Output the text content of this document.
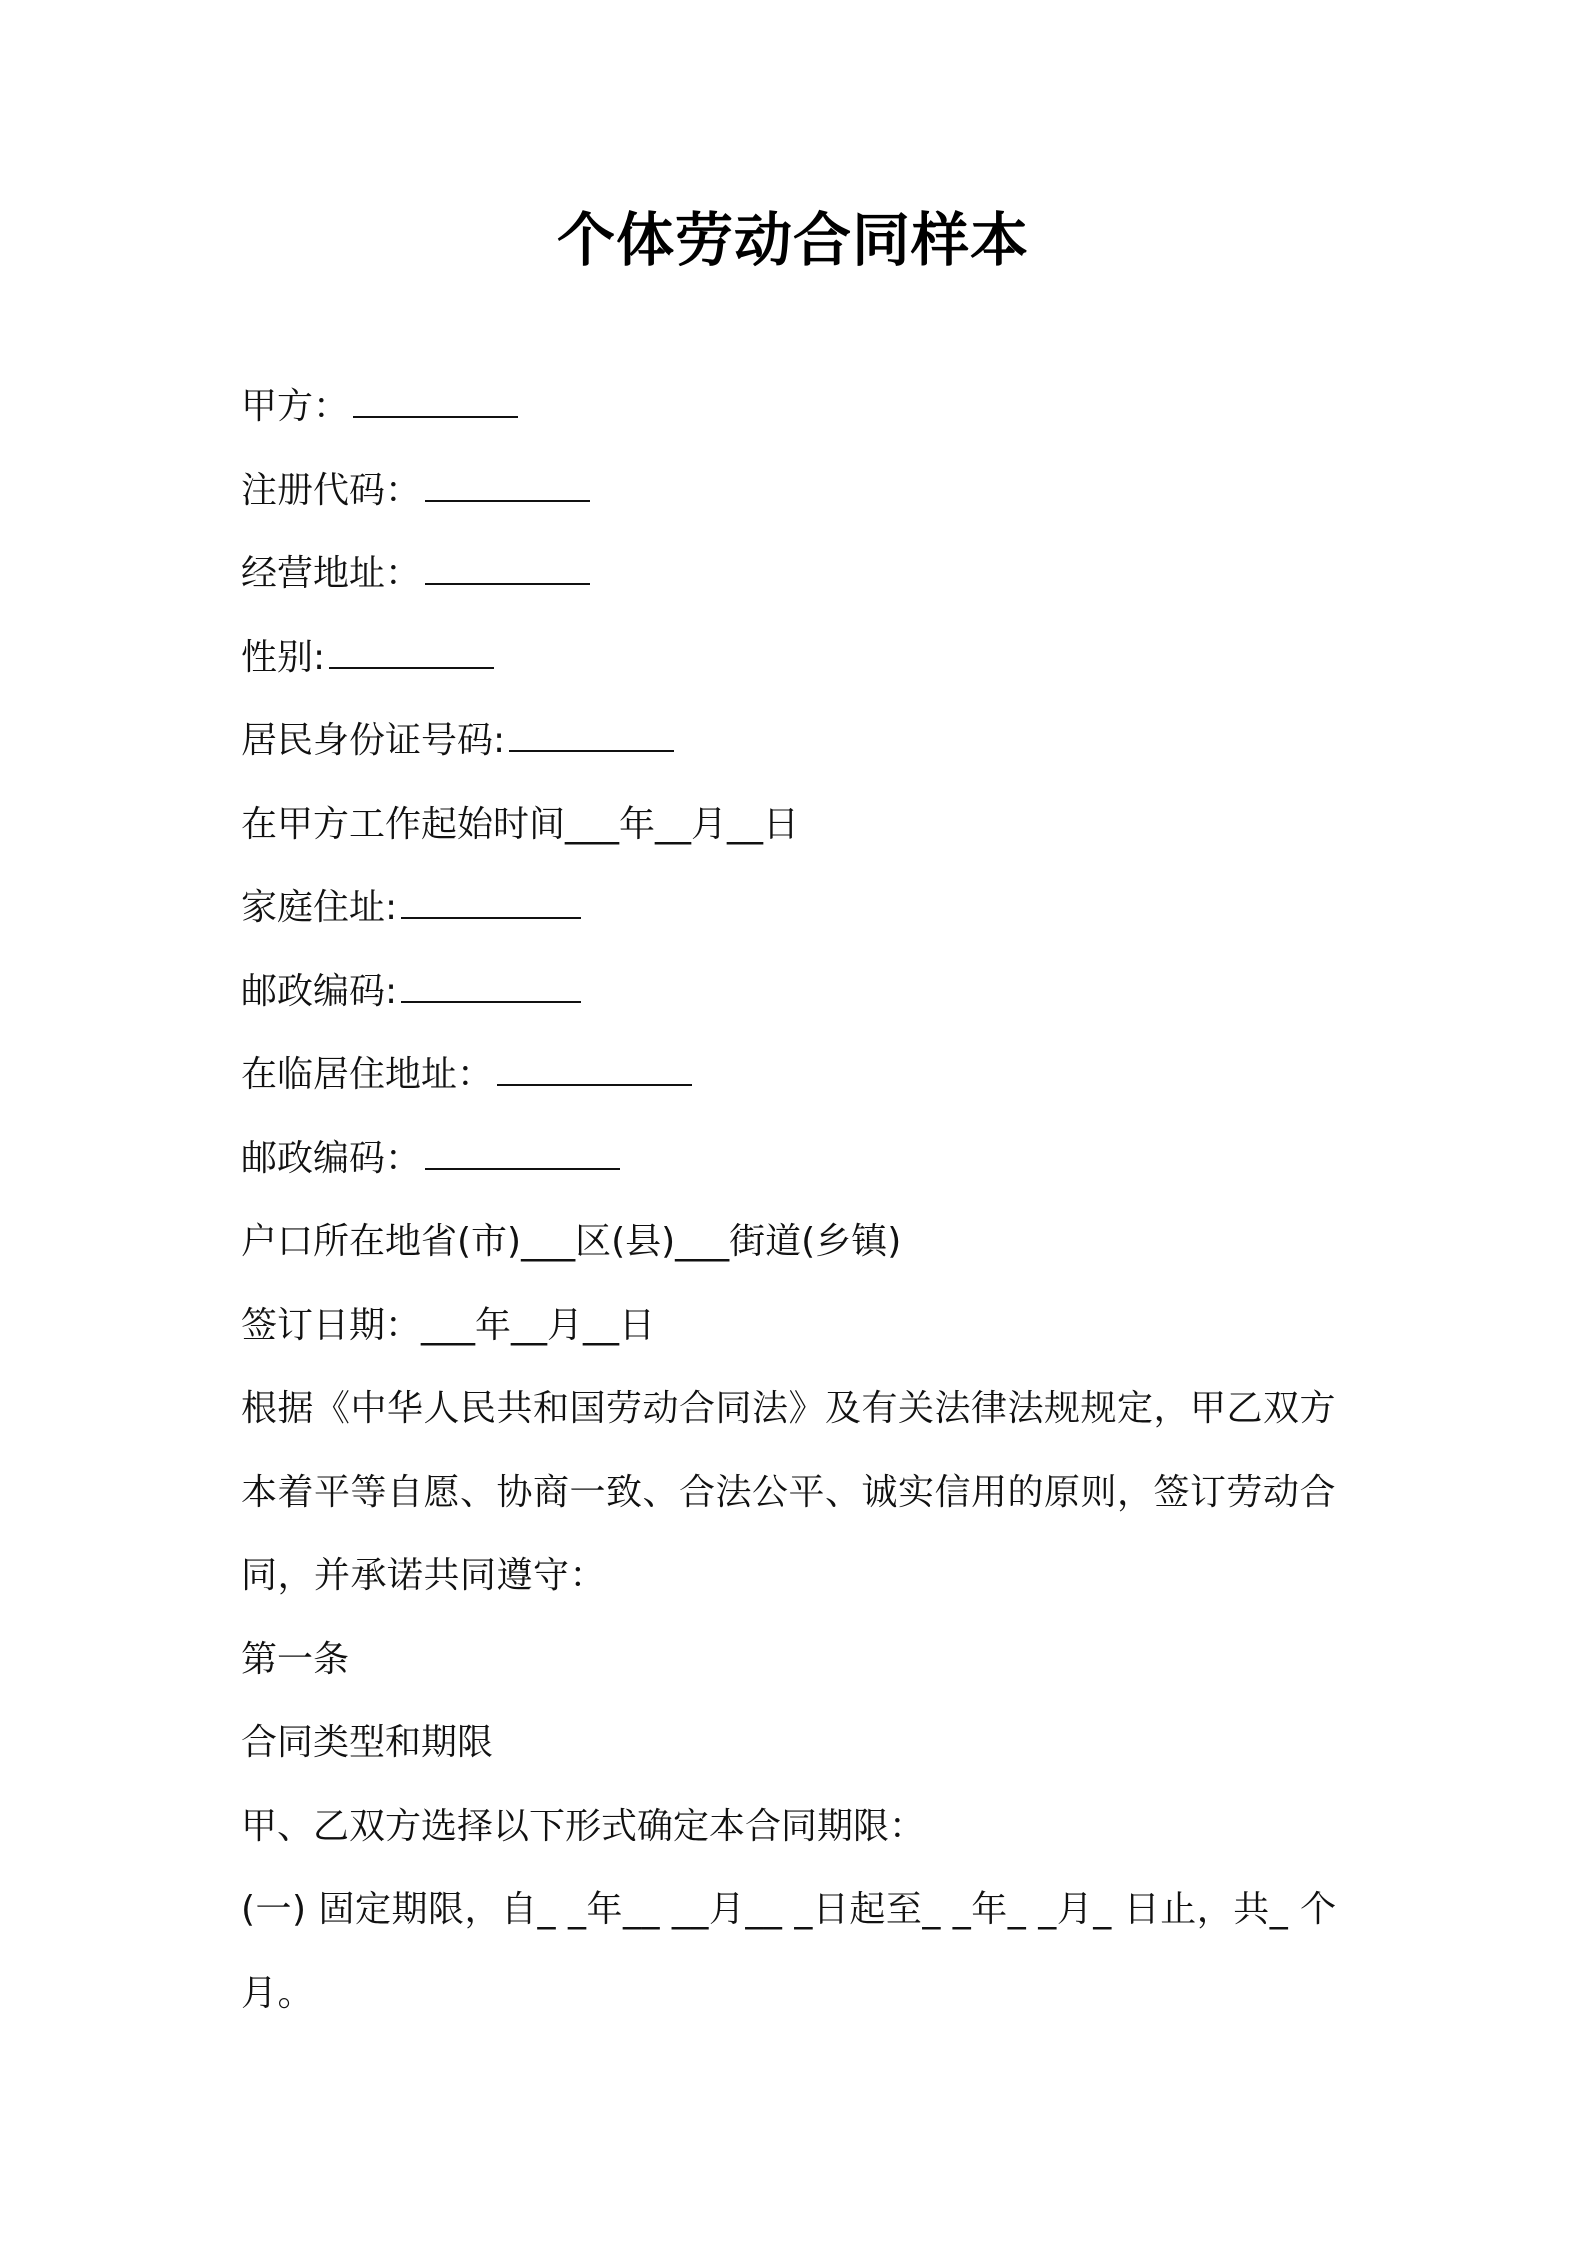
个体劳动合同样本
甲方：
注册代码：
经营地址：
性别:
居民身份证号码:
在甲方工作起始时间___年__月__日
家庭住址:
邮政编码:
在临居住地址：
邮政编码：
户口所在地省(市)___区(县)___街道(乡镇)
签订日期：___年__月__日
根据《中华人民共和国劳动合同法》及有关法律法规规定，甲乙双方本着平等自愿、协商一致、合法公平、诚实信用的原则，签订劳动合同，并承诺共同遵守：
第一条
合同类型和期限
甲、乙双方选择以下形式确定本合同期限：
(一) 固定期限，自_ _年__ __月__ _日起至_ _年_ _月_ 日止，共_ 个月。
